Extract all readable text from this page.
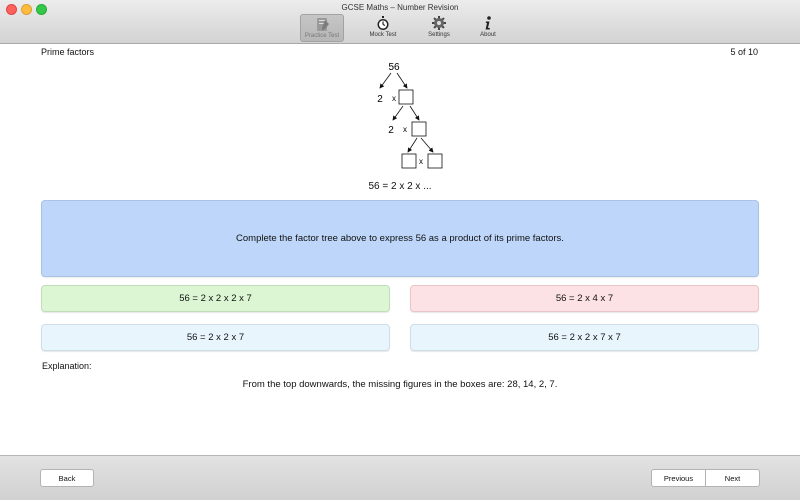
GCSE Maths – Number Revision
Practice Test	Mock Test	Settings	About
Prime factors	5 of 10
56
2 x
2 x
x
56 = 2 x 2 x ...
Complete the factor tree above to express 56 as a product of its prime factors.
56 = 2 x 2 x 2 x 7	56 = 2 x 4 x 7
56 = 2 x 2 x 7	56 = 2 x 2 x 7 x 7
Explanation:
From the top downwards, the missing figures in the boxes are: 28, 14, 2, 7.
Back	Previous	Next
